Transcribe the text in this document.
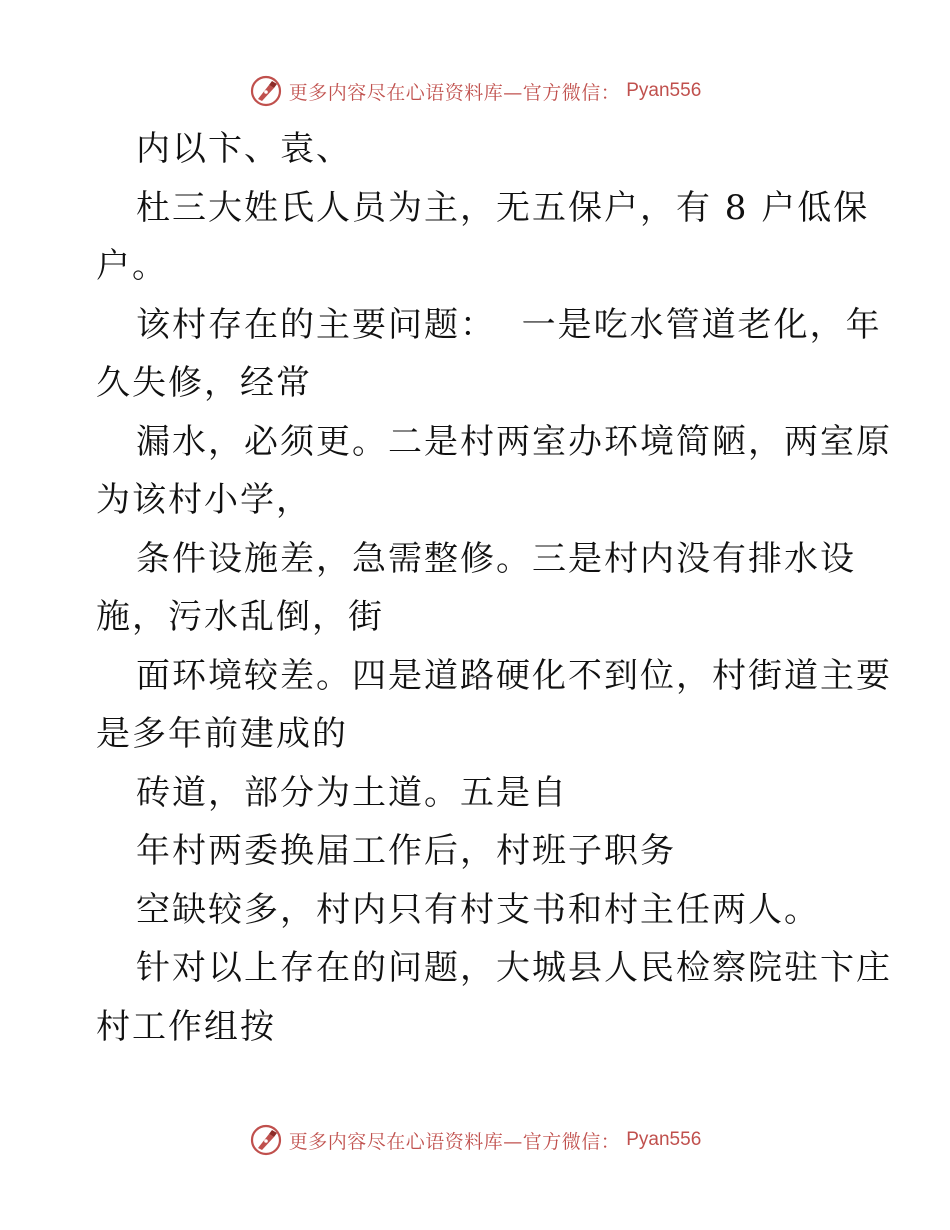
更多内容尽在心语资料库—官方微信： Pyan556
内以卞、袁、
杜三大姓氏人员为主，无五保户，有 8 户低保
户。
该村存在的主要问题：  一是吃水管道老化，年
久失修，经常
漏水，必须更。二是村两室办环境简陋，两室原
为该村小学，
条件设施差，急需整修。三是村内没有排水设
施，污水乱倒，街
面环境较差。四是道路硬化不到位，村街道主要
是多年前建成的
砖道，部分为土道。五是自
年村两委换届工作后，村班子职务
空缺较多，村内只有村支书和村主任两人。
针对以上存在的问题，大城县人民检察院驻卞庄
村工作组按
更多内容尽在心语资料库—官方微信： Pyan556
